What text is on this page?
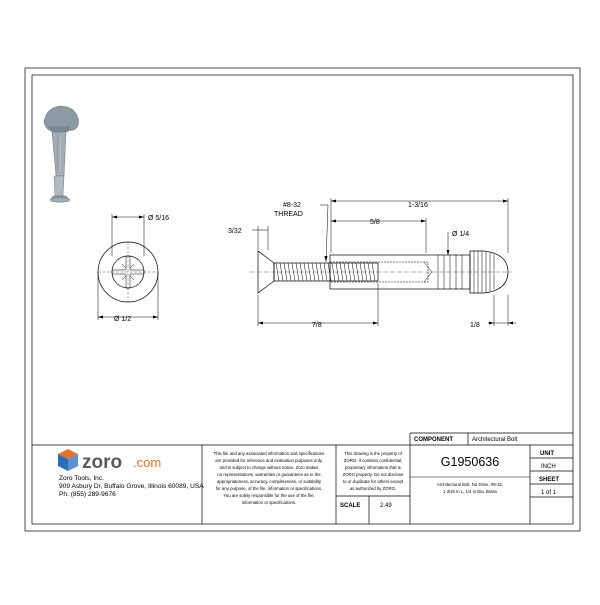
Ø 5/16
Ø 1/2
3/32
#8-32
THREAD
1-3/16
5/8
Ø 1/4
7/8	1/8
zoro .com
Zoro Tools, Inc.
909 Asbury Dr, Buffalo Grove, Illinois 60089, USA
Ph: (855) 289-9676
This file and any associated information and specifications
are provided for reference and evaluation purposes only,
and is subject to change without notice. Zoro makes
no representations, warranties or guarantees as to the
appropriateness, accuracy, completeness, or suitability
for any purpose, of the file, information or specifications.
You are solely responsible for the use of the file,
information or specifications.
This drawing is the property of
ZORO. It contains confidential,
proprietary information that is
ZORO property. Do not disclose
to or duplicate for others except
as authorized by ZORO.
SCALE	2.49
COMPONENT	Architectural Bolt
G1950636
Architectural Bolt, No Drive, #8-32,
1 3/16 in L, 1/4 in Dia, Brass
UNIT
INCH
SHEET
1 of 1
